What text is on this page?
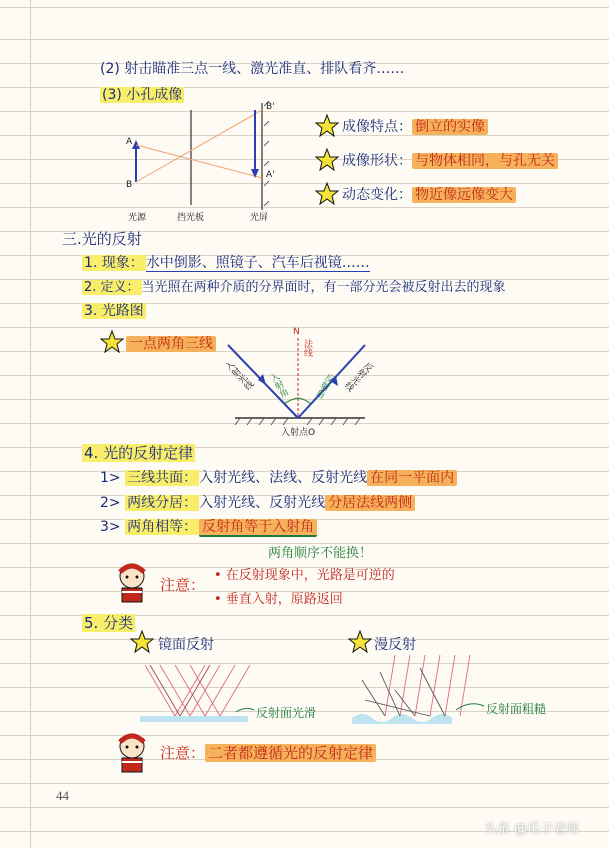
(2) 射击瞄准三点一线、激光准直、排队看齐……
(3) 小孔成像
A
B
B'
A'
光源	挡光板	光屏
成像特点： 倒立的实像
成像形状： 与物体相同，与孔无关
动态变化： 物近像远像变大
三.光的反射
1. 现象： 水中倒影、照镜子、汽车后视镜……
2. 定义： 当光照在两种介质的分界面时，有一部分光会被反射出去的现象
3. 光路图
一点两角三线
N
法线
入射光线	反射光线
入射角	反射角
入射点O
4. 光的反射定律
1> 三线共面： 入射光线、法线、反射光线 在同一平面内
2> 两线分居： 入射光线、反射光线 分居法线两侧
3> 两角相等： 反射角等于入射角
两角顺序不能换！
注意：
• 在反射现象中，光路是可逆的
• 垂直入射，原路返回
5. 分类
镜面反射	漫反射
反射面光滑	反射面粗糙
注意： 二者都遵循光的反射定律
44
头条 @瓜子老师
